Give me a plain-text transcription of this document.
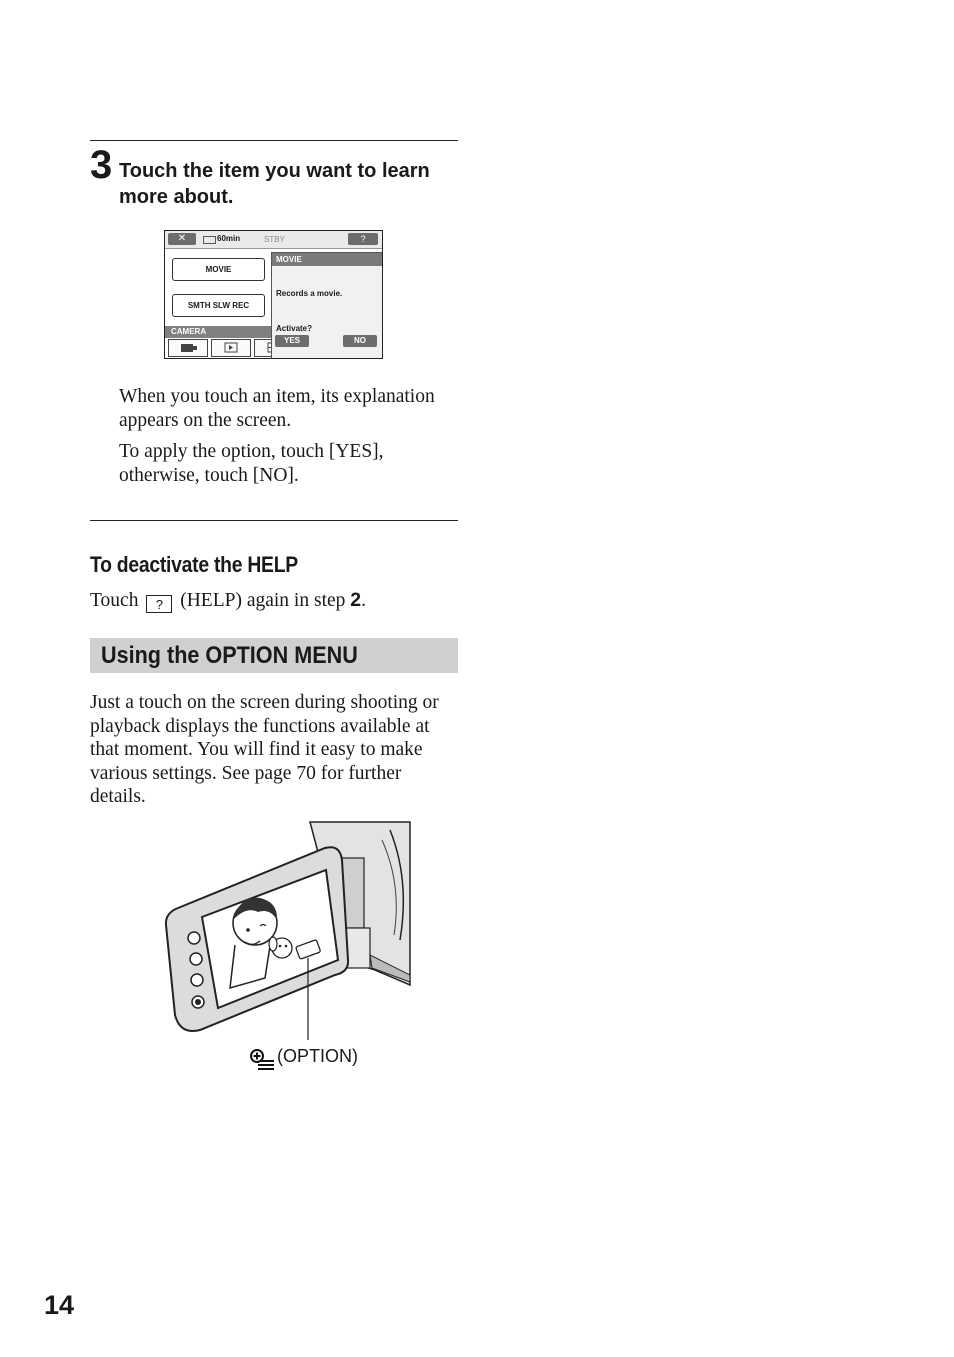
3 Touch the item you want to learn more about.
✕	60min	STBY	?
MOVIE
SMTH SLW REC
CAMERA
MOVIE
Records a movie.
Activate?
YES	NO
When you touch an item, its explanation appears on the screen.
To apply the option, touch [YES], otherwise, touch [NO].
To deactivate the HELP
Touch ? (HELP) again in step 2.
Using the OPTION MENU
Just a touch on the screen during shooting or playback displays the functions available at that moment. You will find it easy to make various settings. See page 70 for further details.
(OPTION)
14
